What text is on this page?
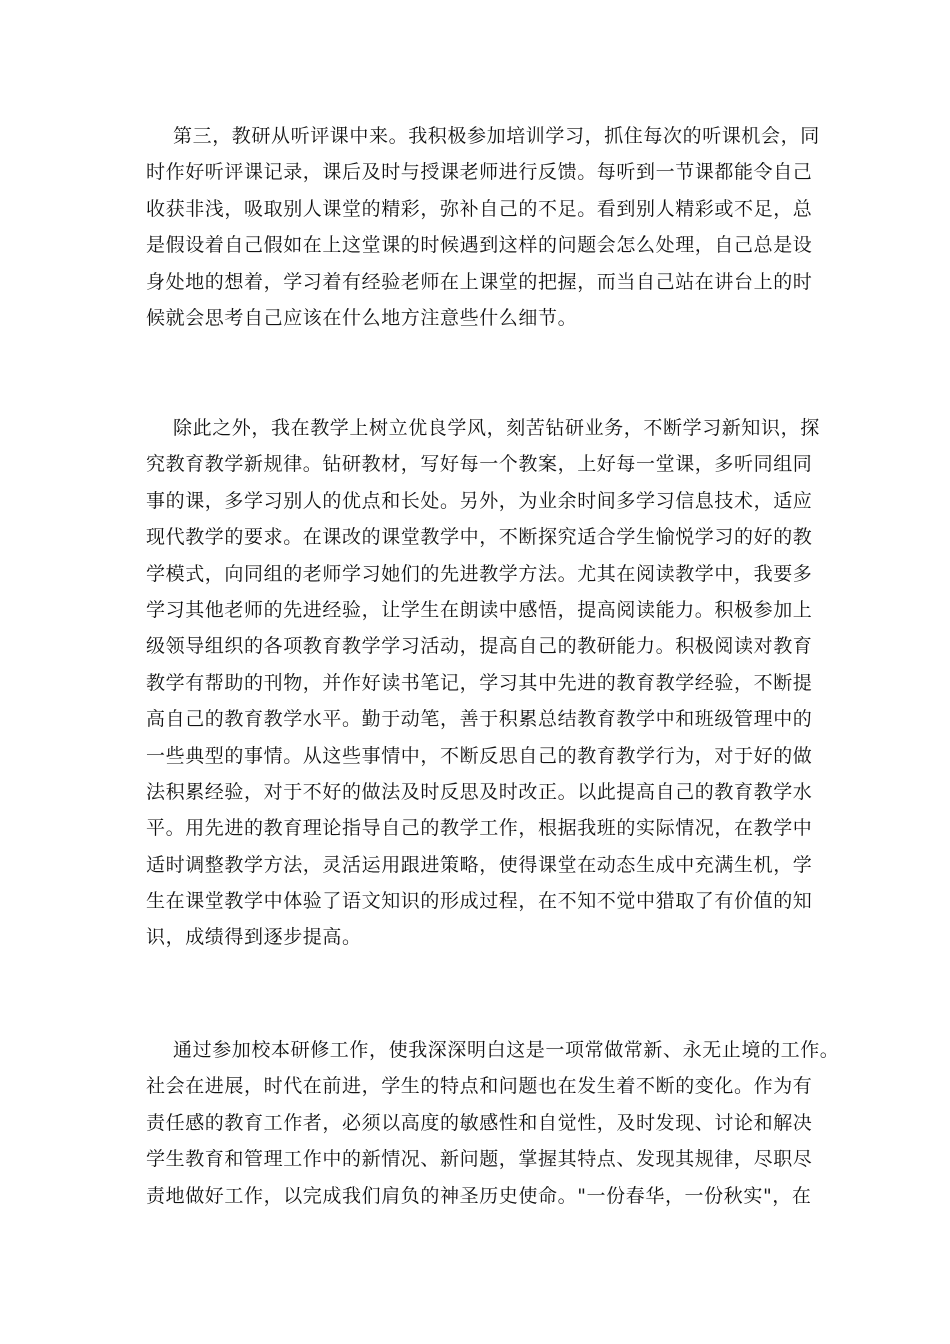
第三，教研从听评课中来。我积极参加培训学习，抓住每次的听课机会，同
时作好听评课记录，课后及时与授课老师进行反馈。每听到一节课都能令自己
收获非浅，吸取别人课堂的精彩，弥补自己的不足。看到别人精彩或不足，总
是假设着自己假如在上这堂课的时候遇到这样的问题会怎么处理，自己总是设
身处地的想着，学习着有经验老师在上课堂的把握，而当自己站在讲台上的时
候就会思考自己应该在什么地方注意些什么细节。
除此之外，我在教学上树立优良学风，刻苦钻研业务，不断学习新知识，探
究教育教学新规律。钻研教材，写好每一个教案，上好每一堂课，多听同组同
事的课，多学习别人的优点和长处。另外，为业余时间多学习信息技术，适应
现代教学的要求。在课改的课堂教学中，不断探究适合学生愉悦学习的好的教
学模式，向同组的老师学习她们的先进教学方法。尤其在阅读教学中，我要多
学习其他老师的先进经验，让学生在朗读中感悟，提高阅读能力。积极参加上
级领导组织的各项教育教学学习活动，提高自己的教研能力。积极阅读对教育
教学有帮助的刊物，并作好读书笔记，学习其中先进的教育教学经验，不断提
高自己的教育教学水平。勤于动笔，善于积累总结教育教学中和班级管理中的
一些典型的事情。从这些事情中，不断反思自己的教育教学行为，对于好的做
法积累经验，对于不好的做法及时反思及时改正。以此提高自己的教育教学水
平。用先进的教育理论指导自己的教学工作，根据我班的实际情况，在教学中
适时调整教学方法，灵活运用跟进策略，使得课堂在动态生成中充满生机，学
生在课堂教学中体验了语文知识的形成过程，在不知不觉中猎取了有价值的知
识，成绩得到逐步提高。
通过参加校本研修工作，使我深深明白这是一项常做常新、永无止境的工作。
社会在进展，时代在前进，学生的特点和问题也在发生着不断的变化。作为有
责任感的教育工作者，必须以高度的敏感性和自觉性，及时发现、讨论和解决
学生教育和管理工作中的新情况、新问题，掌握其特点、发现其规律，尽职尽
责地做好工作，以完成我们肩负的神圣历史使命。"一份春华，一份秋实"，在
